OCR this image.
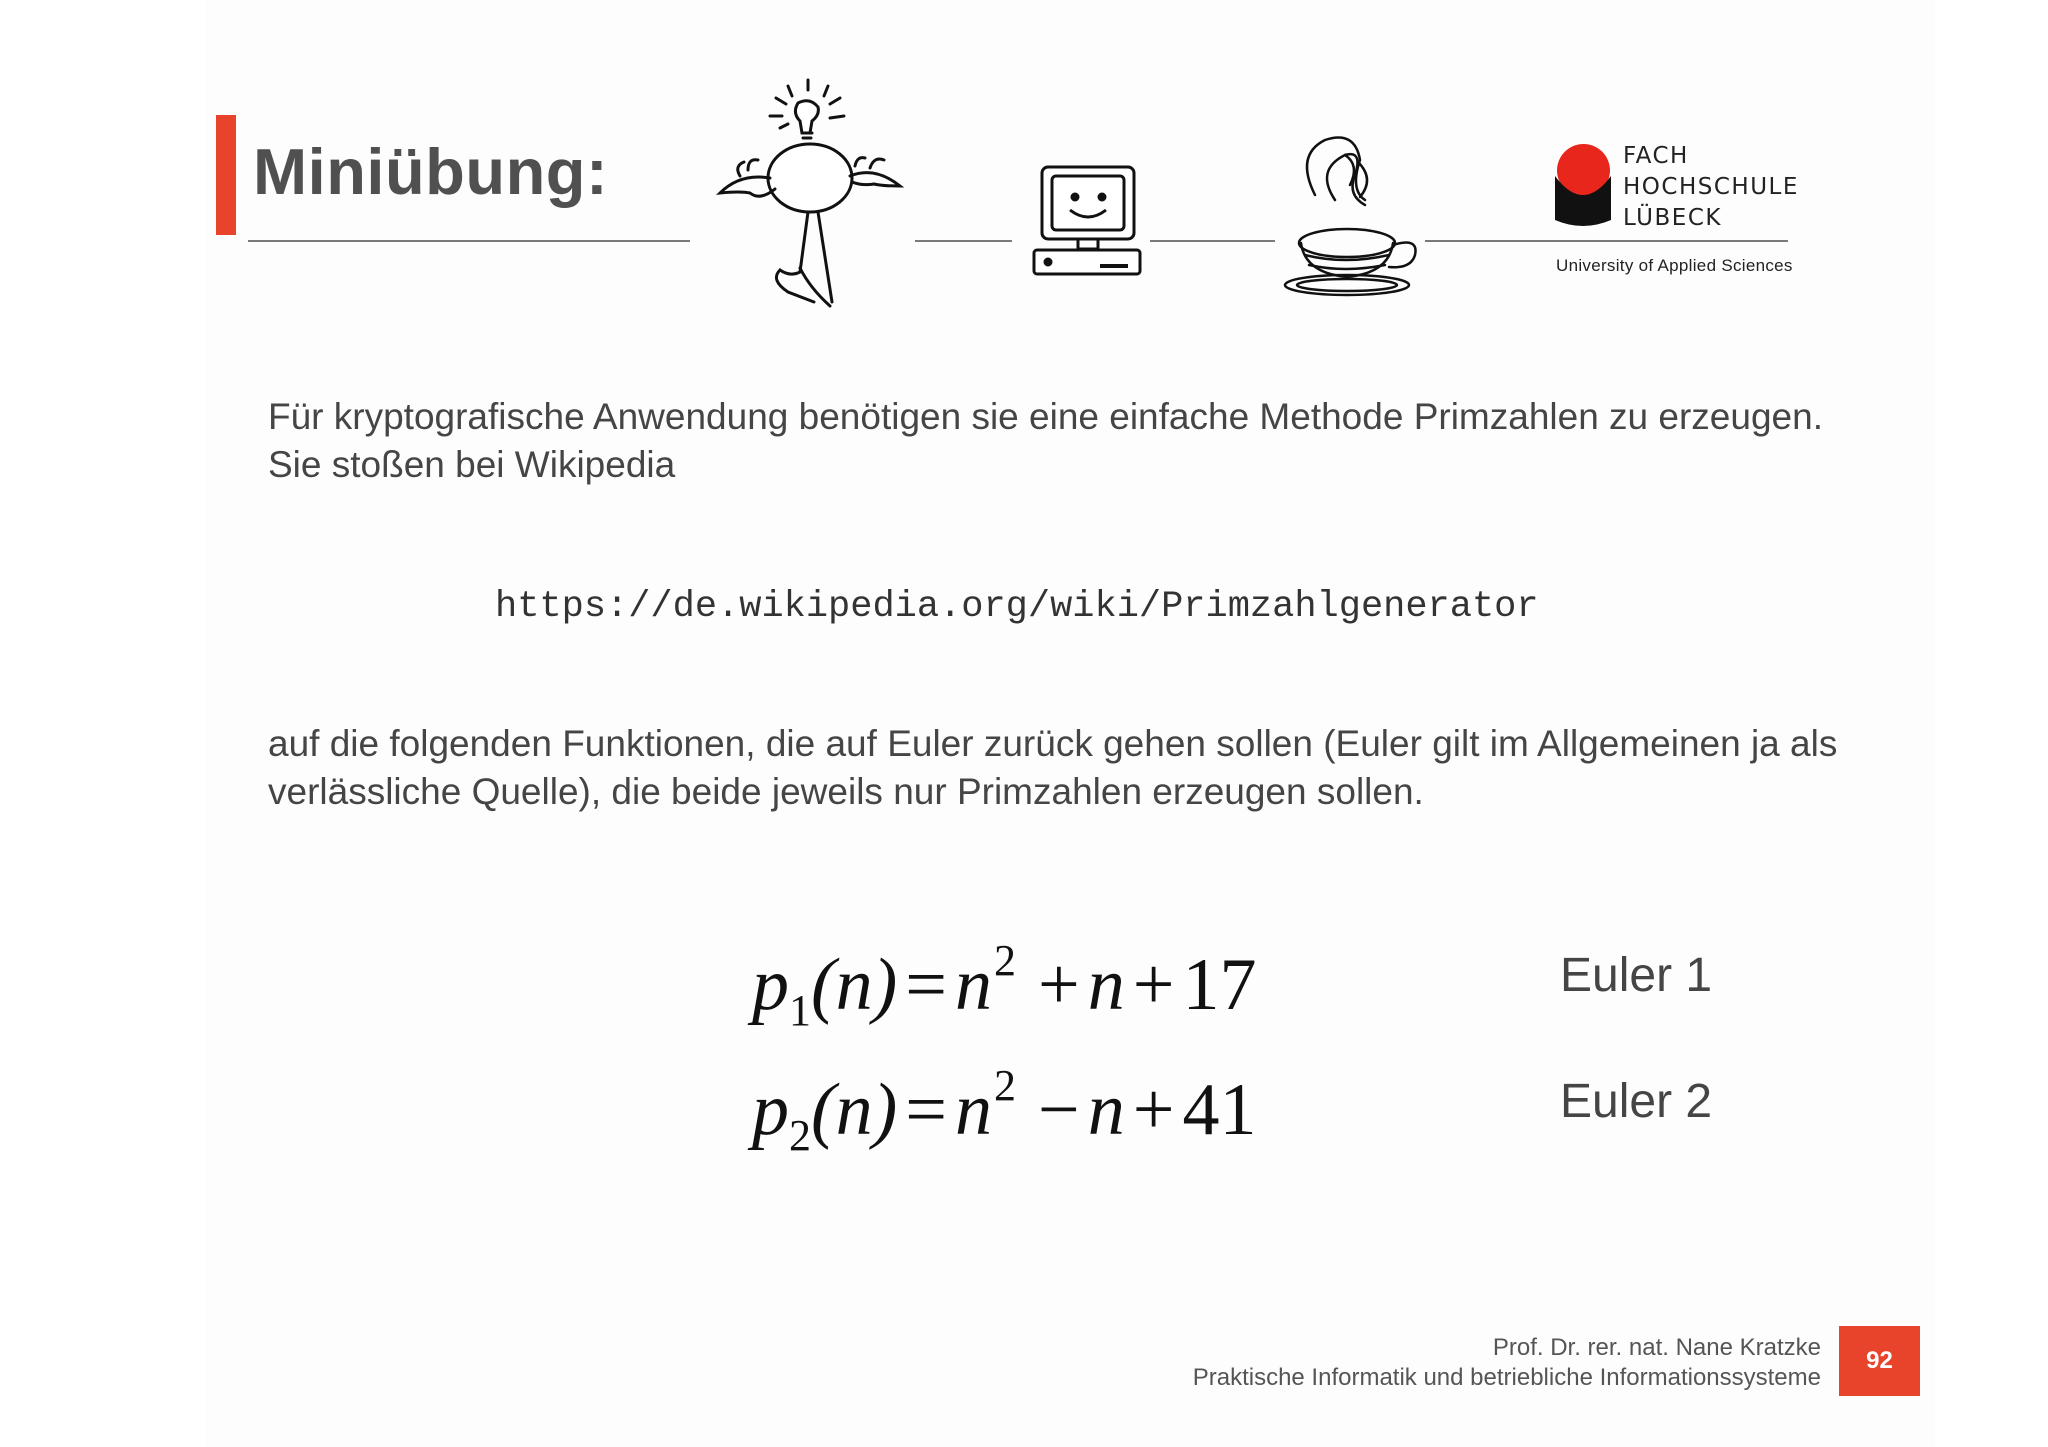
Miniübung:	FACH
HOCHSCHULE
LÜBECK
University of Applied Sciences
Für kryptografische Anwendung benötigen sie eine einfache Methode Primzahlen zu erzeugen. Sie stoßen bei Wikipedia
https://de.wikipedia.org/wiki/Primzahlgenerator
auf die folgenden Funktionen, die auf Euler zurück gehen sollen (Euler gilt im Allgemeinen ja als verlässliche Quelle), die beide jeweils nur Primzahlen erzeugen sollen.
$p_1(n) = n^2 + n + 17$	Euler 1
$p_2(n) = n^2 - n + 41$	Euler 2
Prof. Dr. rer. nat. Nane Kratzke
Praktische Informatik und betriebliche Informationssysteme
92
